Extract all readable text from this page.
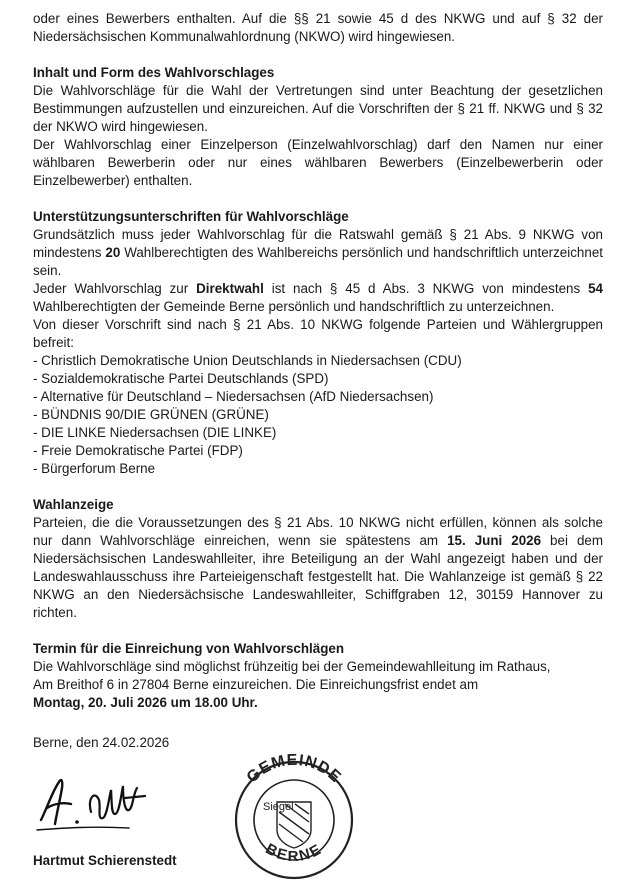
oder eines Bewerbers enthalten. Auf die §§ 21 sowie 45 d des NKWG und auf § 32 der Niedersächsischen Kommunalwahlordnung (NKWO) wird hingewiesen.

Inhalt und Form des Wahlvorschlages

Die Wahlvorschläge für die Wahl der Vertretungen sind unter Beachtung der gesetzlichen Bestimmungen aufzustellen und einzureichen. Auf die Vorschriften der § 21 ff. NKWG und § 32 der NKWO wird hingewiesen.

Der Wahlvorschlag einer Einzelperson (Einzelwahlvorschlag) darf den Namen nur einer wählbaren Bewerberin oder nur eines wählbaren Bewerbers (Einzelbewerberin oder Einzelbewerber) enthalten.

Unterstützungsunterschriften für Wahlvorschläge

Grundsätzlich muss jeder Wahlvorschlag für die Ratswahl gemäß § 21 Abs. 9 NKWG von mindestens 20 Wahlberechtigten des Wahlbereichs persönlich und handschriftlich unterzeichnet sein.

Jeder Wahlvorschlag zur Direktwahl ist nach § 45 d Abs. 3 NKWG von mindestens 54 Wahlberechtigten der Gemeinde Berne persönlich und handschriftlich zu unterzeichnen.

Von dieser Vorschrift sind nach § 21 Abs. 10 NKWG folgende Parteien und Wählergruppen befreit:

- Christlich Demokratische Union Deutschlands in Niedersachsen (CDU)
- Sozialdemokratische Partei Deutschlands (SPD)
- Alternative für Deutschland – Niedersachsen (AfD Niedersachsen)
- BÜNDNIS 90/DIE GRÜNEN (GRÜNE)
- DIE LINKE Niedersachsen (DIE LINKE)
- Freie Demokratische Partei (FDP)
- Bürgerforum Berne

Wahlanzeige

Parteien, die die Voraussetzungen des § 21 Abs. 10 NKWG nicht erfüllen, können als solche nur dann Wahlvorschläge einreichen, wenn sie spätestens am 15. Juni 2026 bei dem Niedersächsischen Landeswahlleiter, ihre Beteiligung an der Wahl angezeigt haben und der Landeswahlausschuss ihre Parteieigenschaft festgestellt hat. Die Wahlanzeige ist gemäß § 22 NKWG an den Niedersächsische Landeswahlleiter, Schiffgraben 12, 30159 Hannover zu richten.

Termin für die Einreichung von Wahlvorschlägen

Die Wahlvorschläge sind möglichst frühzeitig bei der Gemeindewahlleitung im Rathaus,

Am Breithof 6 in 27804 Berne einzureichen. Die Einreichungsfrist endet am

Montag, 20. Juli 2026 um 18.00 Uhr.

Berne, den 24.02.2026

GEMEINDE
BERNE
Siegel

Hartmut Schierenstedt
